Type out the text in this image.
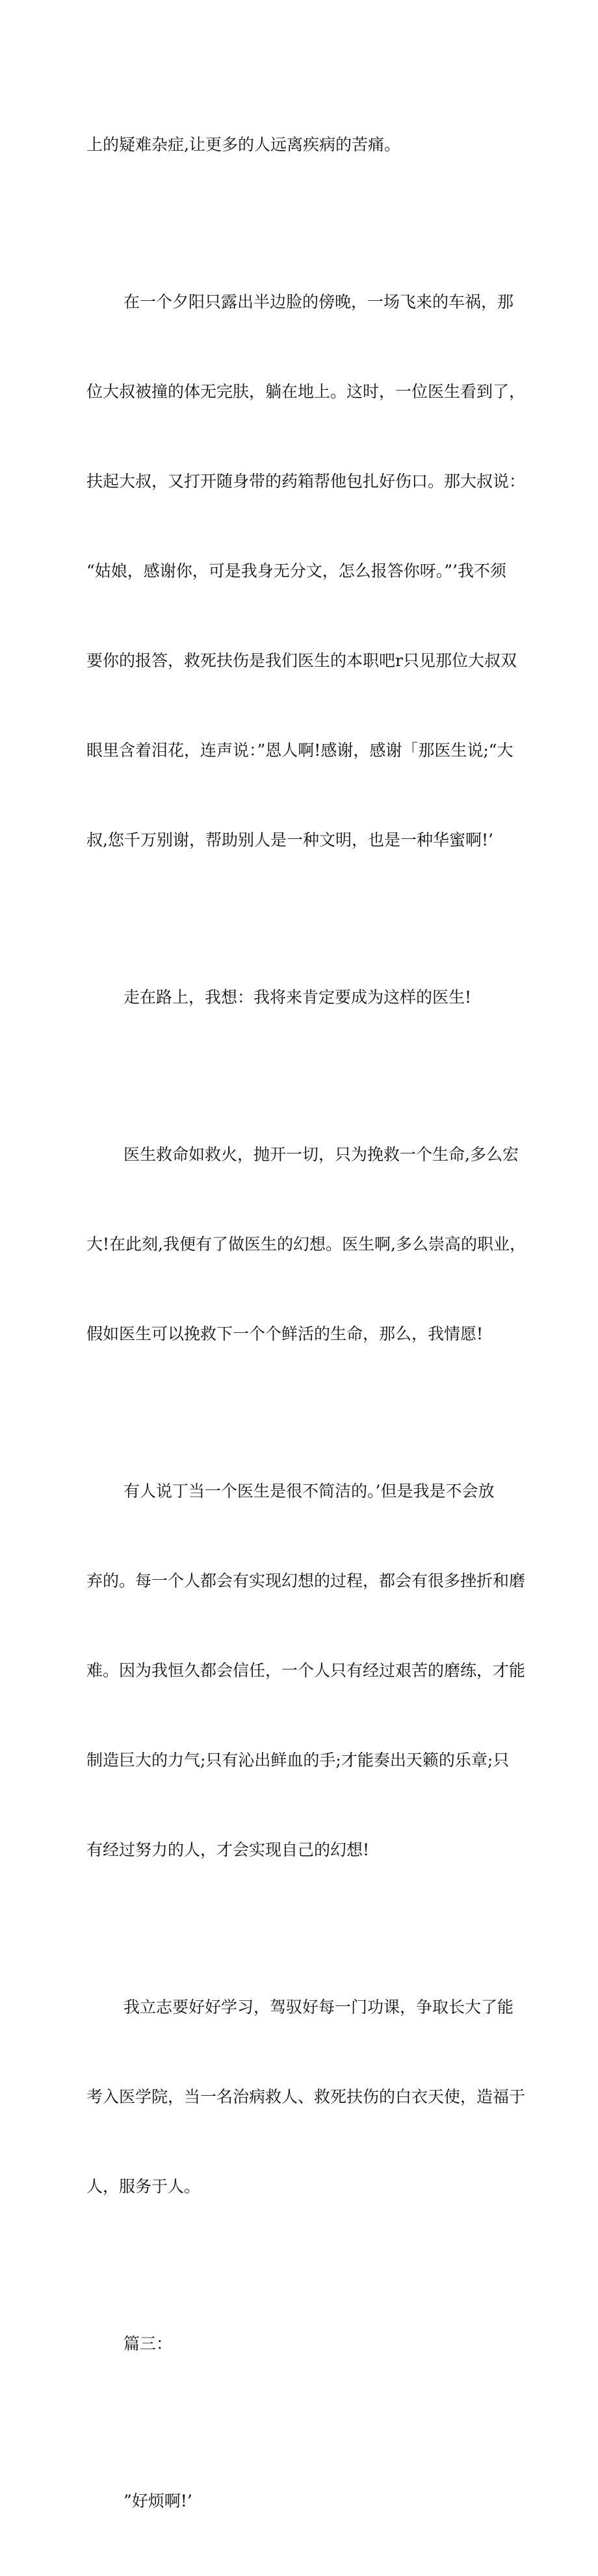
上的疑难杂症,让更多的人远离疾病的苦痛。

在一个夕阳只露出半边脸的傍晚，一场飞来的车祸，那

位大叔被撞的体无完肤，躺在地上。这时，一位医生看到了，

扶起大叔，又打开随身带的药箱帮他包扎好伤口。那大叔说：

“姑娘，感谢你，可是我身无分文，怎么报答你呀。”’我不须

要你的报答，救死扶伤是我们医生的本职吧r只见那位大叔双

眼里含着泪花，连声说：”恩人啊!感谢，感谢「那医生说;“大

叔,您千万别谢，帮助别人是一种文明，也是一种华蜜啊!’

走在路上，我想：我将来肯定要成为这样的医生!

医生救命如救火，抛开一切，只为挽救一个生命,多么宏

大!在此刻,我便有了做医生的幻想。医生啊,多么崇高的职业，

假如医生可以挽救下一个个鲜活的生命，那么，我情愿!

有人说丁当一个医生是很不简洁的。’但是我是不会放

弃的。每一个人都会有实现幻想的过程，都会有很多挫折和磨

难。因为我恒久都会信任，一个人只有经过艰苦的磨练，才能

制造巨大的力气;只有沁出鲜血的手;才能奏出天籁的乐章;只

有经过努力的人，才会实现自己的幻想!

我立志要好好学习，驾驭好每一门功课，争取长大了能

考入医学院，当一名治病救人、救死扶伤的白衣天使，造福于

人，服务于人。

篇三：

”好烦啊!’
